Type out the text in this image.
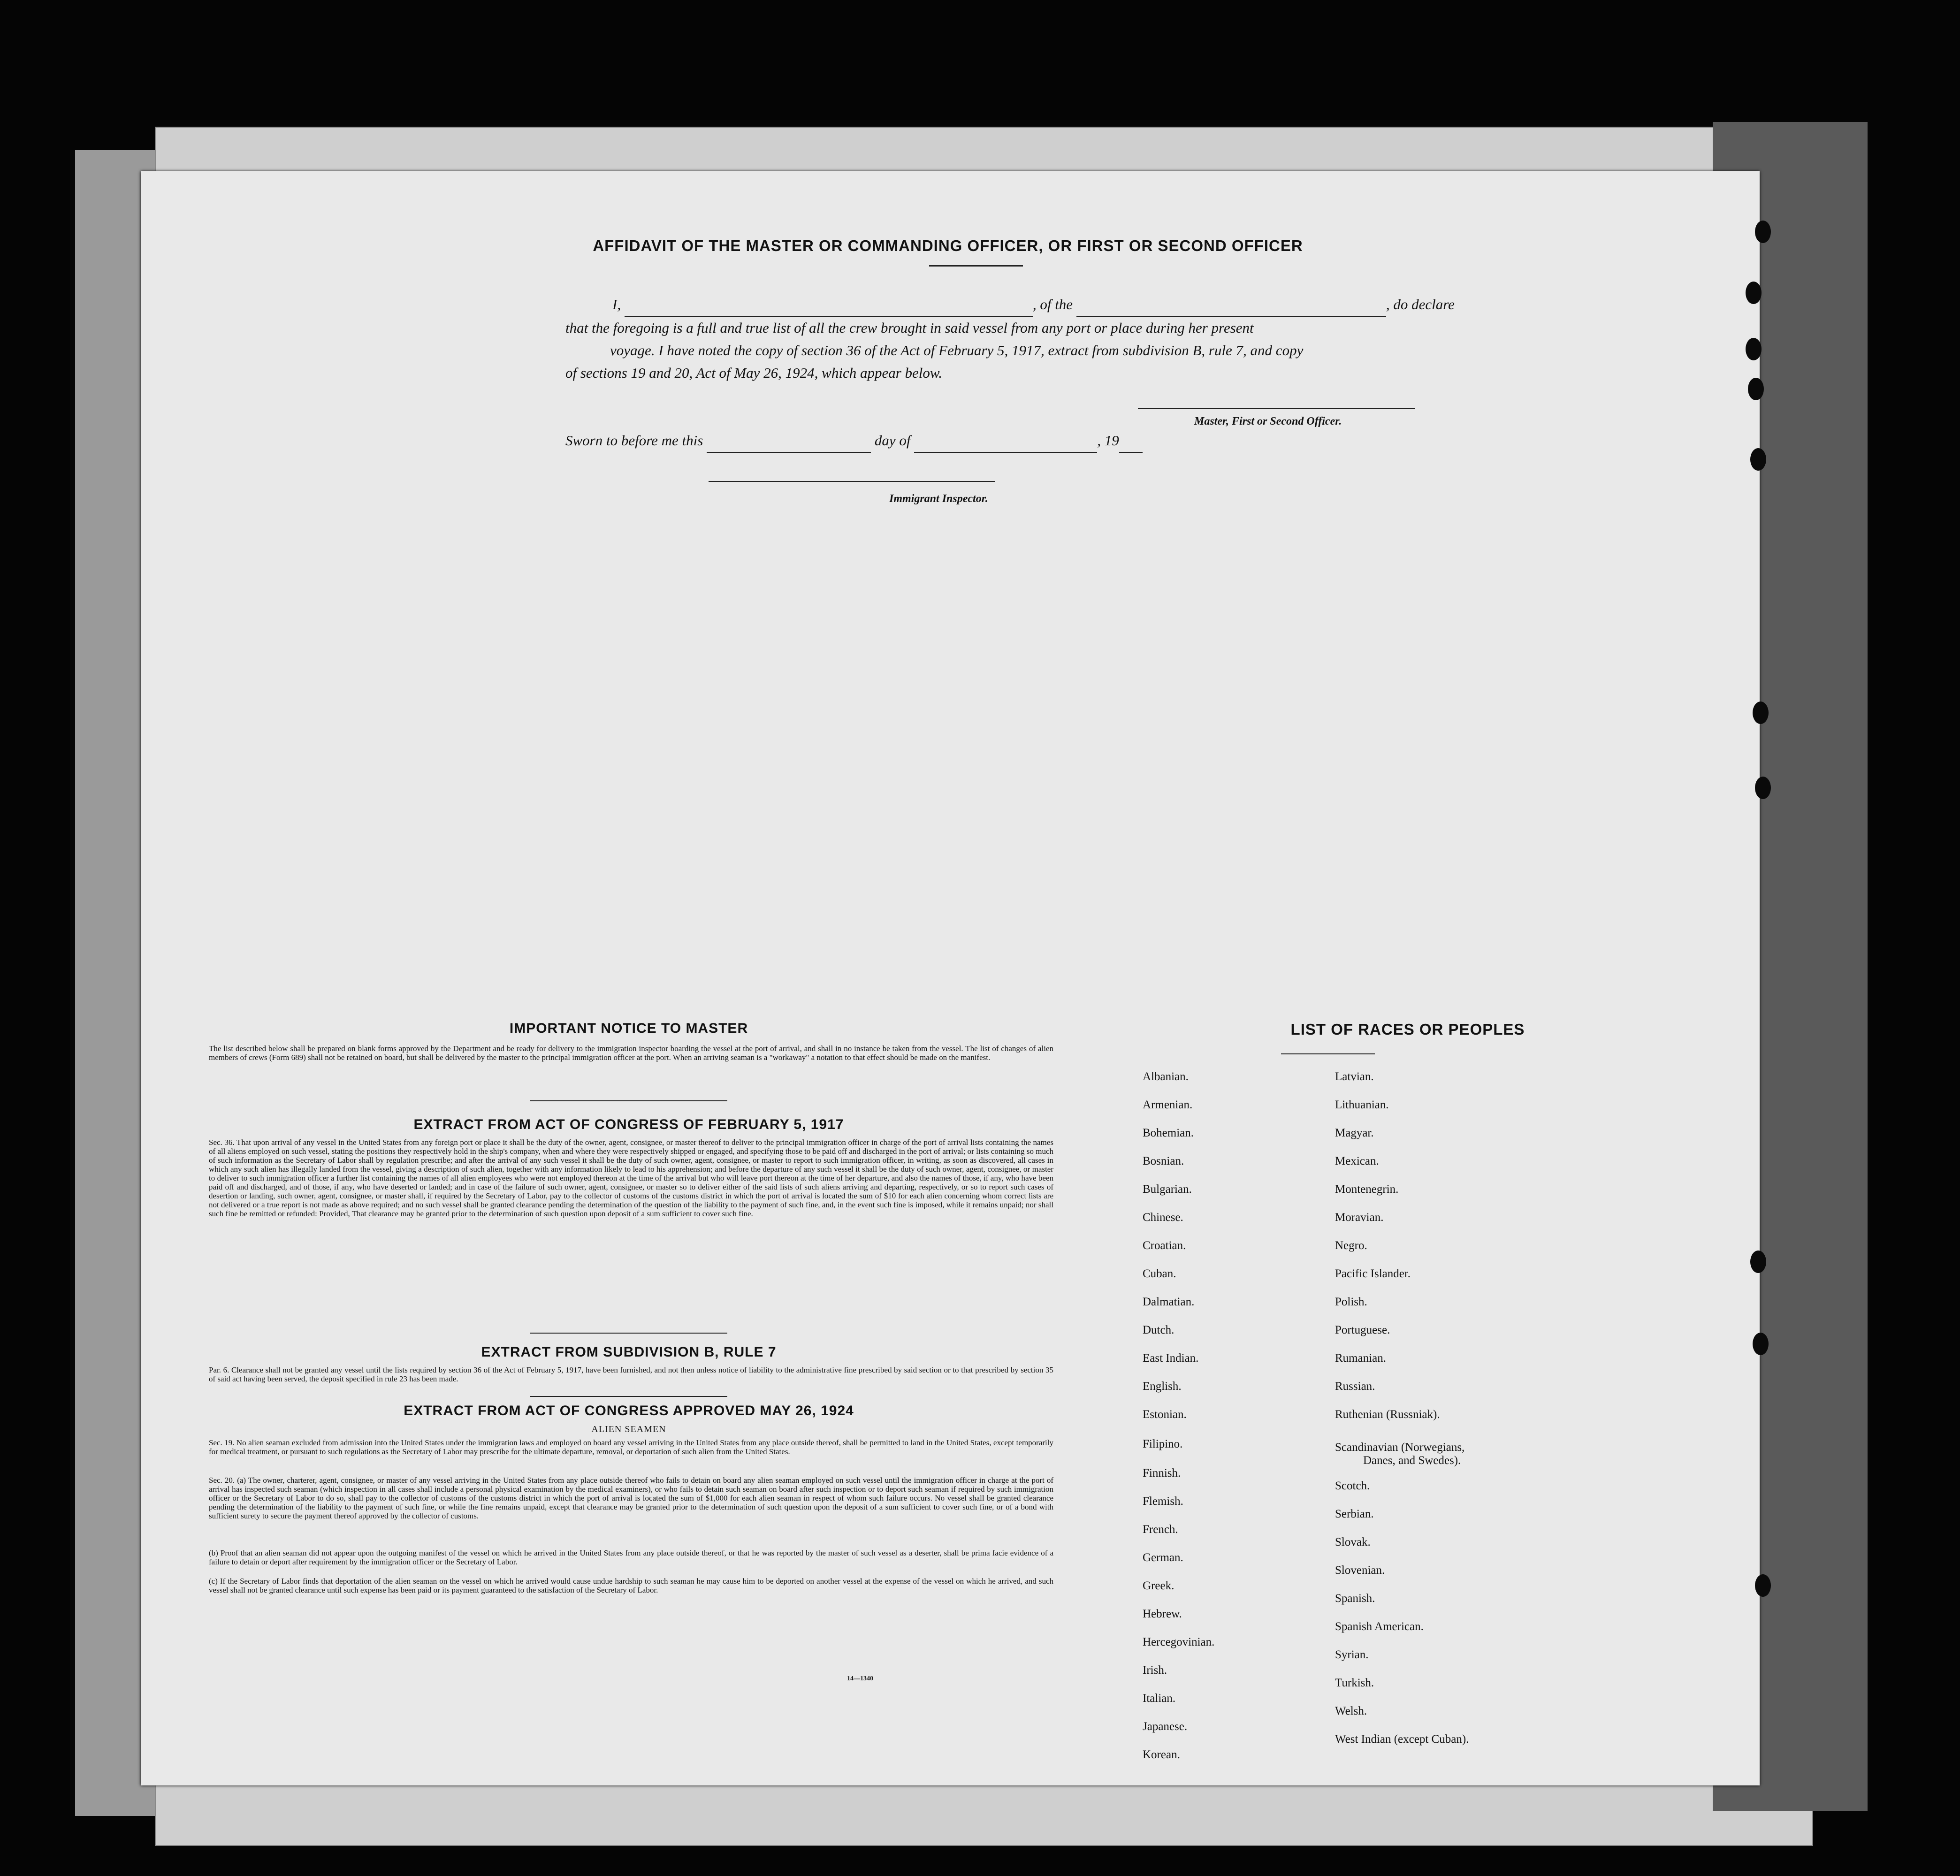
AFFIDAVIT OF THE MASTER OR COMMANDING OFFICER, OR FIRST OR SECOND OFFICER
I,	, of the	, do declare
that the foregoing is a full and true list of all the crew brought in said vessel from any port or place during her present
voyage. I have noted the copy of section 36 of the Act of February 5, 1917, extract from subdivision B, rule 7, and copy
of sections 19 and 20, Act of May 26, 1924, which appear below.
Master, First or Second Officer.
Sworn to before me this	day of	, 19
Immigrant Inspector.
IMPORTANT NOTICE TO MASTER
The list described below shall be prepared on blank forms approved by the Department and be ready for delivery to the immigration inspector boarding the vessel at the port of arrival, and shall in no instance be taken from the vessel. The list of changes of alien members of crews (Form 689) shall not be retained on board, but shall be delivered by the master to the principal immigration officer at the port. When an arriving seaman is a "workaway" a notation to that effect should be made on the manifest.
EXTRACT FROM ACT OF CONGRESS OF FEBRUARY 5, 1917
Sec. 36. That upon arrival of any vessel in the United States from any foreign port or place it shall be the duty of the owner, agent, consignee, or master thereof to deliver to the principal immigration officer in charge of the port of arrival lists containing the names of all aliens employed on such vessel, stating the positions they respectively hold in the ship's company, when and where they were respectively shipped or engaged, and specifying those to be paid off and discharged in the port of arrival; or lists containing so much of such information as the Secretary of Labor shall by regulation prescribe; and after the arrival of any such vessel it shall be the duty of such owner, agent, consignee, or master to report to such immigration officer, in writing, as soon as discovered, all cases in which any such alien has illegally landed from the vessel, giving a description of such alien, together with any information likely to lead to his apprehension; and before the departure of any such vessel it shall be the duty of such owner, agent, consignee, or master to deliver to such immigration officer a further list containing the names of all alien employees who were not employed thereon at the time of the arrival but who will leave port thereon at the time of her departure, and also the names of those, if any, who have been paid off and discharged, and of those, if any, who have deserted or landed; and in case of the failure of such owner, agent, consignee, or master so to deliver either of the said lists of such aliens arriving and departing, respectively, or so to report such cases of desertion or landing, such owner, agent, consignee, or master shall, if required by the Secretary of Labor, pay to the collector of customs of the customs district in which the port of arrival is located the sum of $10 for each alien concerning whom correct lists are not delivered or a true report is not made as above required; and no such vessel shall be granted clearance pending the determination of the question of the liability to the payment of such fine, and, in the event such fine is imposed, while it remains unpaid; nor shall such fine be remitted or refunded: Provided, That clearance may be granted prior to the determination of such question upon deposit of a sum sufficient to cover such fine.
EXTRACT FROM SUBDIVISION B, RULE 7
Par. 6. Clearance shall not be granted any vessel until the lists required by section 36 of the Act of February 5, 1917, have been furnished, and not then unless notice of liability to the administrative fine prescribed by said section or to that prescribed by section 35 of said act having been served, the deposit specified in rule 23 has been made.
EXTRACT FROM ACT OF CONGRESS APPROVED MAY 26, 1924
ALIEN SEAMEN
Sec. 19. No alien seaman excluded from admission into the United States under the immigration laws and employed on board any vessel arriving in the United States from any place outside thereof, shall be permitted to land in the United States, except temporarily for medical treatment, or pursuant to such regulations as the Secretary of Labor may prescribe for the ultimate departure, removal, or deportation of such alien from the United States.
Sec. 20. (a) The owner, charterer, agent, consignee, or master of any vessel arriving in the United States from any place outside thereof who fails to detain on board any alien seaman employed on such vessel until the immigration officer in charge at the port of arrival has inspected such seaman (which inspection in all cases shall include a personal physical examination by the medical examiners), or who fails to detain such seaman on board after such inspection or to deport such seaman if required by such immigration officer or the Secretary of Labor to do so, shall pay to the collector of customs of the customs district in which the port of arrival is located the sum of $1,000 for each alien seaman in respect of whom such failure occurs. No vessel shall be granted clearance pending the determination of the liability to the payment of such fine, or while the fine remains unpaid, except that clearance may be granted prior to the determination of such question upon the deposit of a sum sufficient to cover such fine, or of a bond with sufficient surety to secure the payment thereof approved by the collector of customs.
(b) Proof that an alien seaman did not appear upon the outgoing manifest of the vessel on which he arrived in the United States from any place outside thereof, or that he was reported by the master of such vessel as a deserter, shall be prima facie evidence of a failure to detain or deport after requirement by the immigration officer or the Secretary of Labor.
(c) If the Secretary of Labor finds that deportation of the alien seaman on the vessel on which he arrived would cause undue hardship to such seaman he may cause him to be deported on another vessel at the expense of the vessel on which he arrived, and such vessel shall not be granted clearance until such expense has been paid or its payment guaranteed to the satisfaction of the Secretary of Labor.
14—1340
LIST OF RACES OR PEOPLES
Albanian.
Armenian.
Bohemian.
Bosnian.
Bulgarian.
Chinese.
Croatian.
Cuban.
Dalmatian.
Dutch.
East Indian.
English.
Estonian.
Filipino.
Finnish.
Flemish.
French.
German.
Greek.
Hebrew.
Hercegovinian.
Irish.
Italian.
Japanese.
Korean.
Latvian.
Lithuanian.
Magyar.
Mexican.
Montenegrin.
Moravian.
Negro.
Pacific Islander.
Polish.
Portuguese.
Rumanian.
Russian.
Ruthenian (Russniak).
Scandinavian (Norwegians,
Danes, and Swedes).
Scotch.
Serbian.
Slovak.
Slovenian.
Spanish.
Spanish American.
Syrian.
Turkish.
Welsh.
West Indian (except Cuban).
